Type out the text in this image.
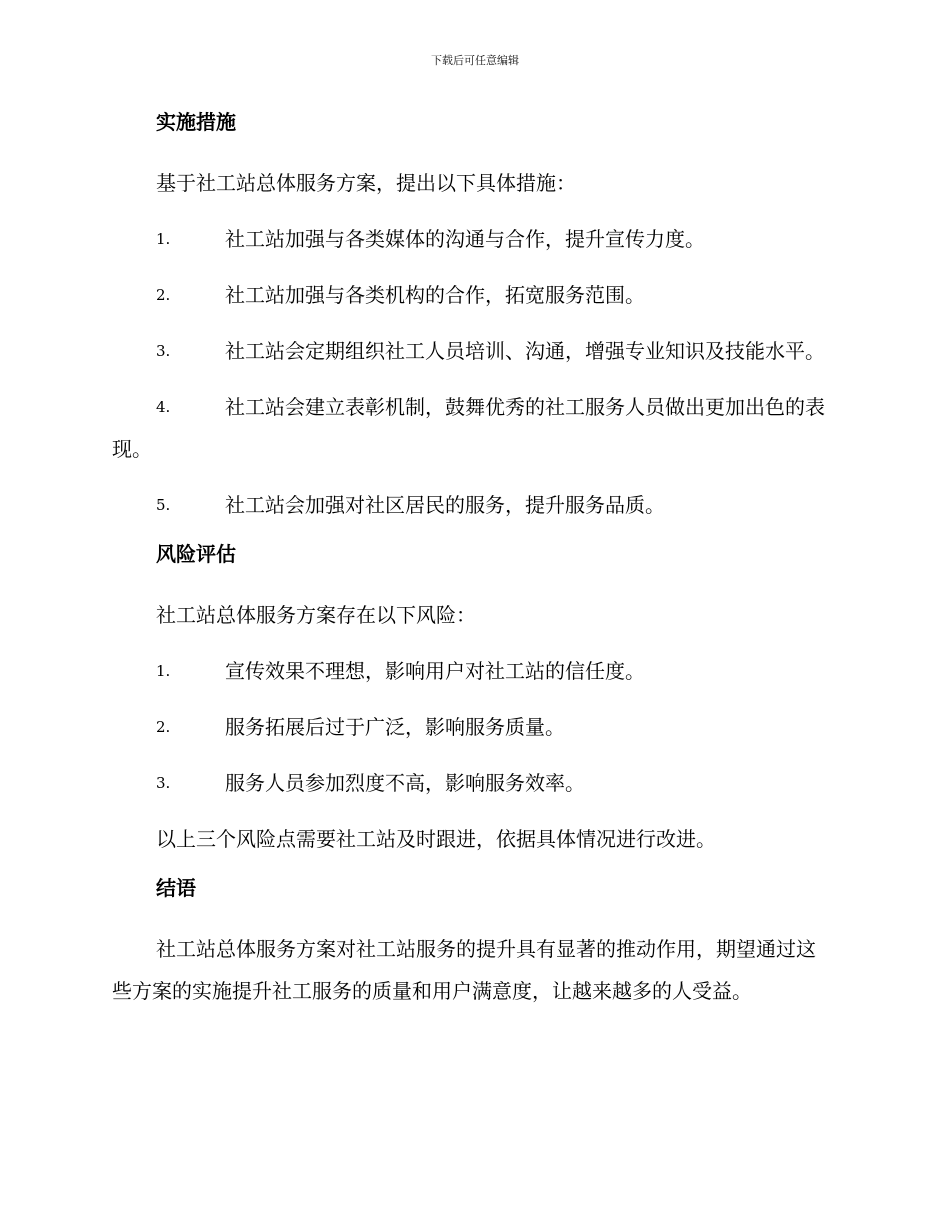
下载后可任意编辑
实施措施
基于社工站总体服务方案，提出以下具体措施：
1.	社工站加强与各类媒体的沟通与合作，提升宣传力度。
2.	社工站加强与各类机构的合作，拓宽服务范围。
3.	社工站会定期组织社工人员培训、沟通，增强专业知识及技能水平。
4.	社工站会建立表彰机制，鼓舞优秀的社工服务人员做出更加出色的表现。
5.	社工站会加强对社区居民的服务，提升服务品质。
风险评估
社工站总体服务方案存在以下风险：
1.	宣传效果不理想，影响用户对社工站的信任度。
2.	服务拓展后过于广泛，影响服务质量。
3.	服务人员参加烈度不高，影响服务效率。
以上三个风险点需要社工站及时跟进，依据具体情况进行改进。
结语
社工站总体服务方案对社工站服务的提升具有显著的推动作用，期望通过这些方案的实施提升社工服务的质量和用户满意度，让越来越多的人受益。
